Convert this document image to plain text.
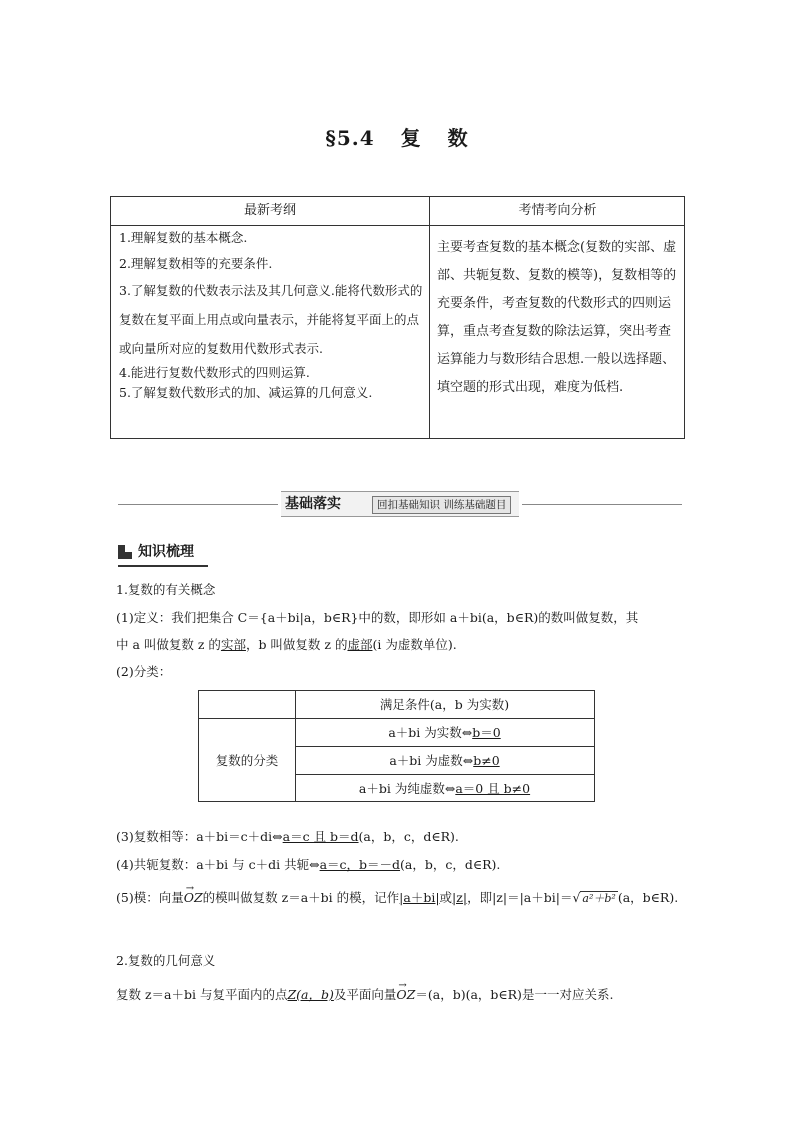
§5.4 复 数
最新考纲	考情考向分析

1.理解复数的基本概念.

2.理解复数相等的充要条件.

3.了解复数的代数表示法及其几何意义.能将代数形式的复数在复平面上用点或向量表示，并能将复平面上的点或向量所对应的复数用代数形式表示.

4.能进行复数代数形式的四则运算.

5.了解复数代数形式的加、减运算的几何意义.

主要考查复数的基本概念(复数的实部、虚部、共轭复数、复数的模等)，复数相等的充要条件，考查复数的代数形式的四则运算，重点考查复数的除法运算，突出考查运算能力与数形结合思想.一般以选择题、填空题的形式出现，难度为低档.
基础落实	回扣基础知识 训练基础题目
知识梳理
1.复数的有关概念
(1)定义：我们把集合 C＝{a＋bi|a，b∈R}中的数，即形如 a＋bi(a，b∈R)的数叫做复数，其
中 a 叫做复数 z 的实部，b 叫做复数 z 的虚部(i 为虚数单位).
(2)分类：
满足条件(a，b 为实数)
复数的分类
a＋bi 为实数⇔b＝0
a＋bi 为虚数⇔b≠0
a＋bi 为纯虚数⇔a＝0 且 b≠0
(3)复数相等：a＋bi＝c＋di⇔a＝c 且 b＝d(a，b，c，d∈R).
(4)共轭复数：a＋bi 与 c＋di 共轭⇔a＝c，b＝－d(a，b，c，d∈R).
(5)模：向量→ OZ的模叫做复数 z＝a＋bi 的模，记作|a＋bi|或|z|，即|z|＝|a＋bi|＝√ a²＋b² (a，b∈R).
2.复数的几何意义
复数 z＝a＋bi 与复平面内的点Z(a，b)及平面向量→ OZ＝(a，b)(a，b∈R)是一一对应关系.
